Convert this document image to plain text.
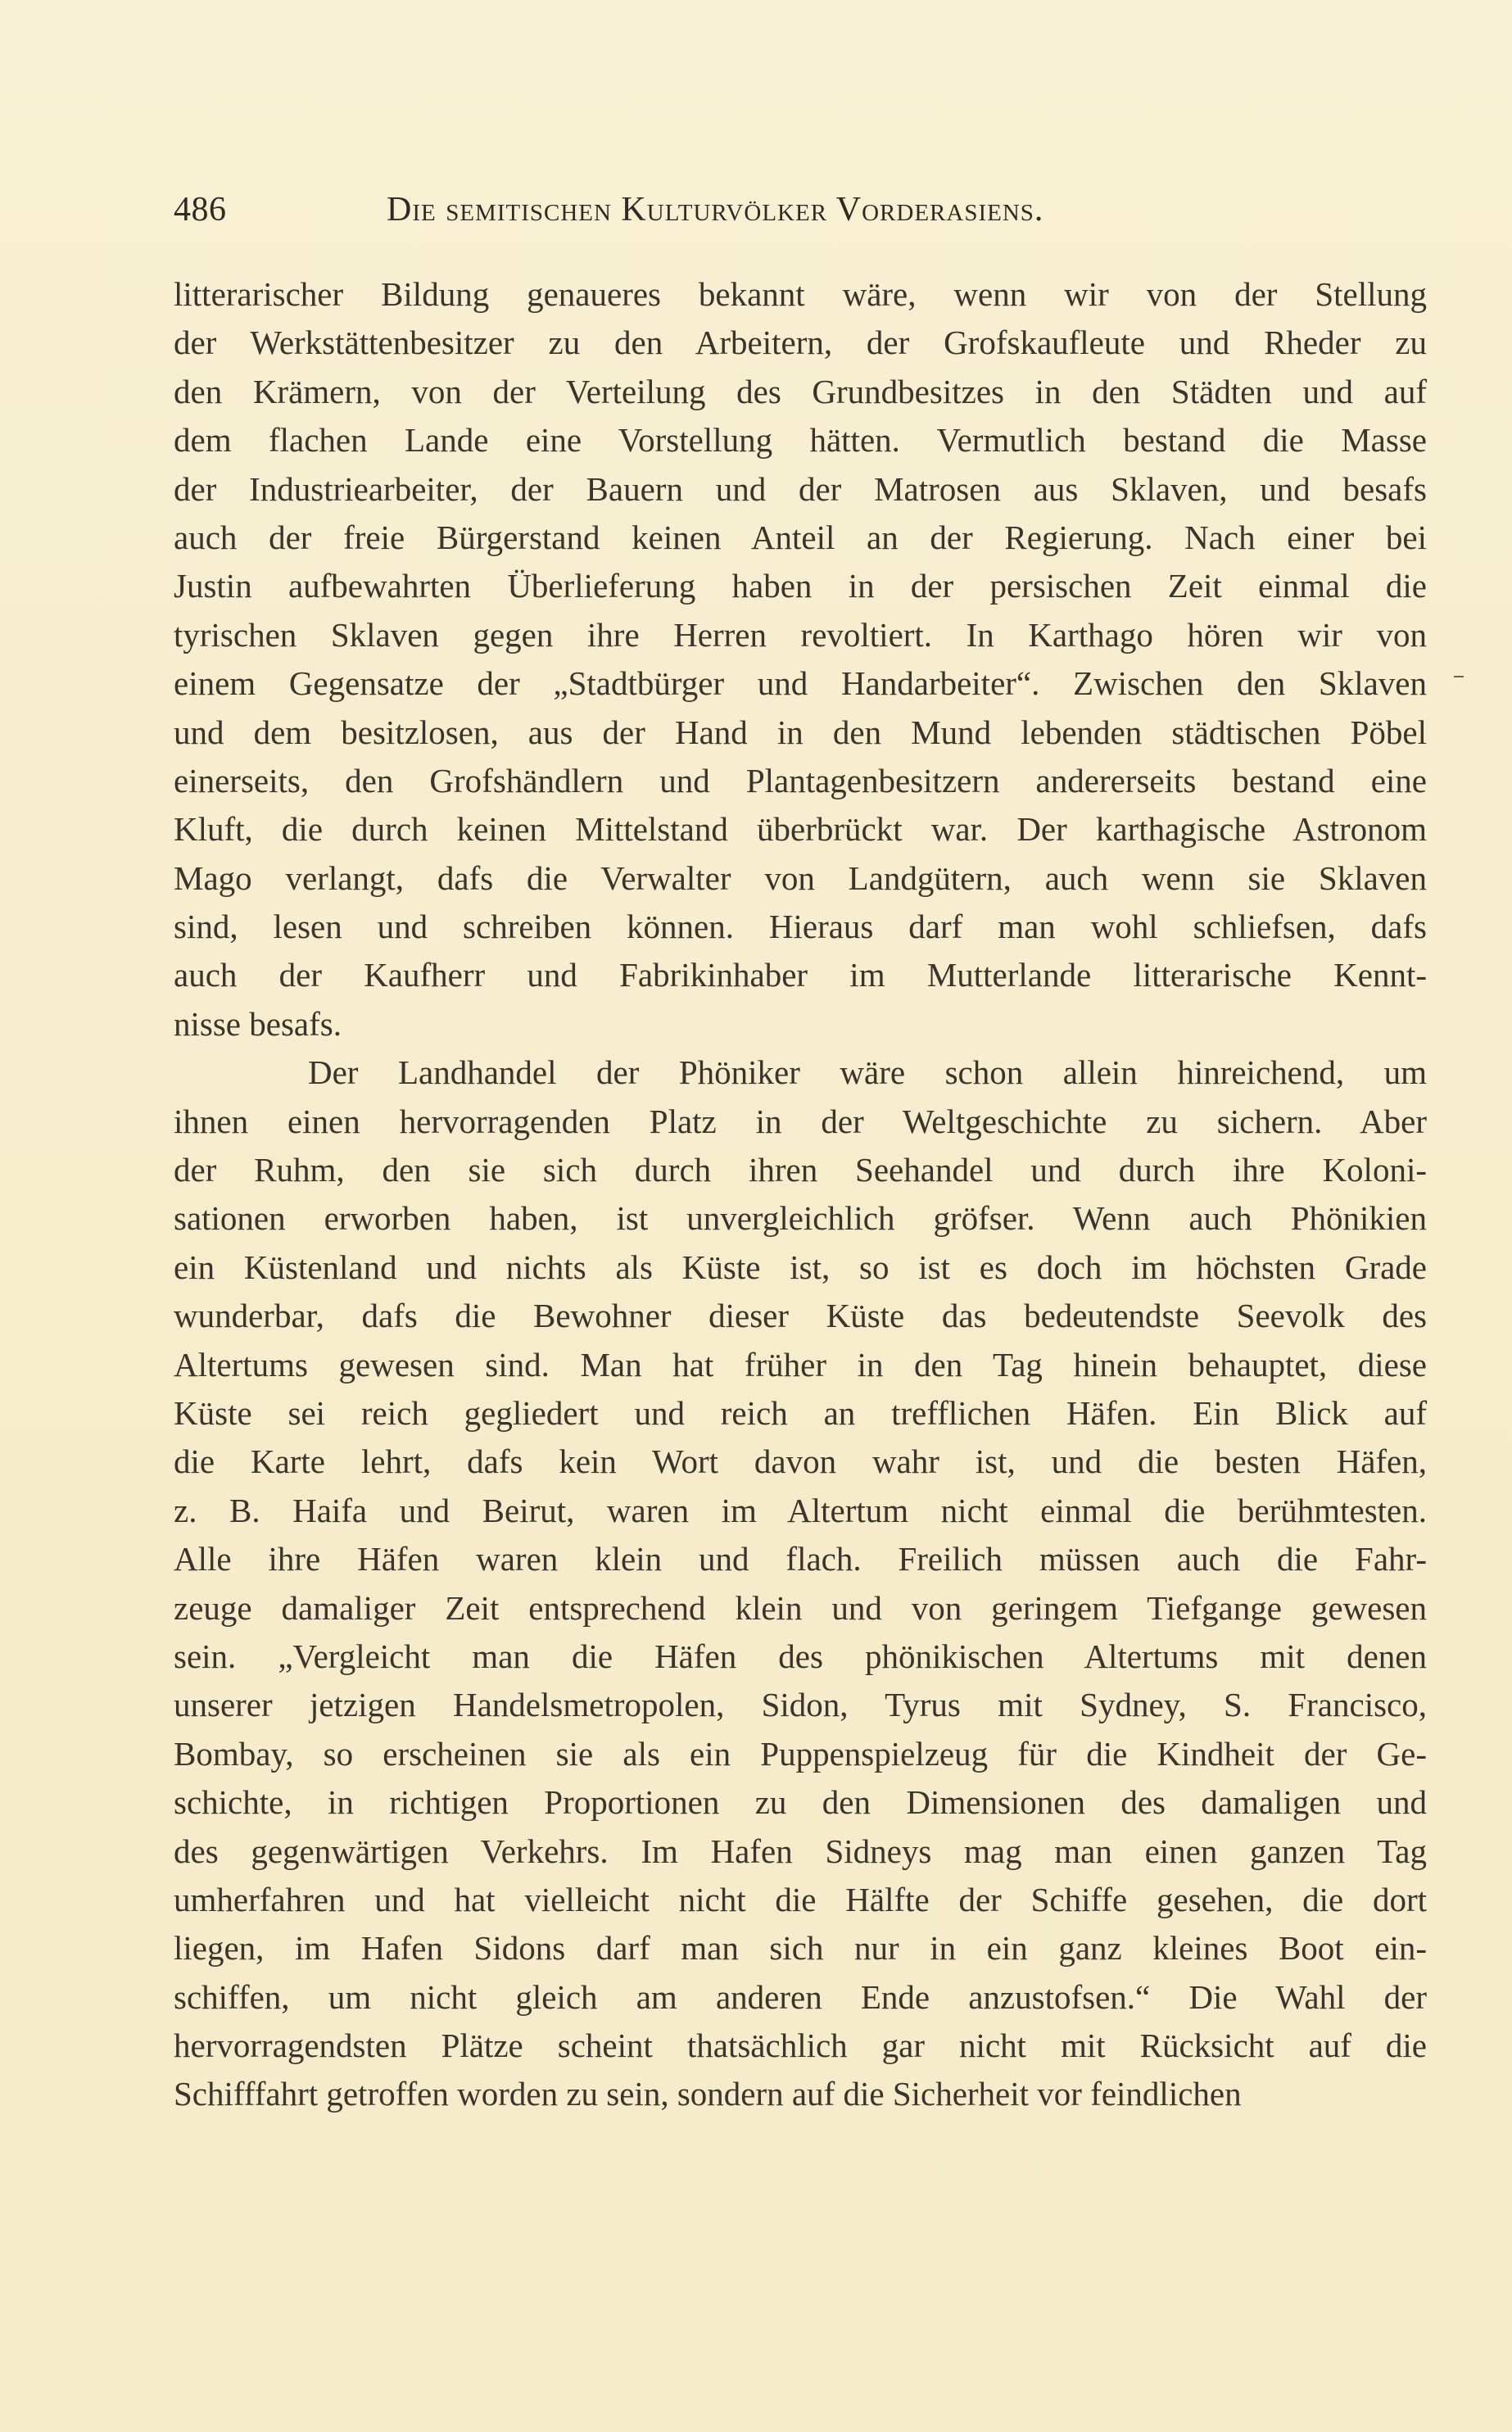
486	Die semitischen Kulturvölker Vorderasiens.
litterarischer Bildung genaueres bekannt wäre, wenn wir von der Stellung
der Werkstättenbesitzer zu den Arbeitern, der Grofskaufleute und Rheder zu
den Krämern, von der Verteilung des Grundbesitzes in den Städten und auf
dem flachen Lande eine Vorstellung hätten. Vermutlich bestand die Masse
der Industriearbeiter, der Bauern und der Matrosen aus Sklaven, und besafs
auch der freie Bürgerstand keinen Anteil an der Regierung. Nach einer bei
Justin aufbewahrten Überlieferung haben in der persischen Zeit einmal die
tyrischen Sklaven gegen ihre Herren revoltiert. In Karthago hören wir von
einem Gegensatze der „Stadtbürger und Handarbeiter“. Zwischen den Sklaven
und dem besitzlosen, aus der Hand in den Mund lebenden städtischen Pöbel
einerseits, den Grofshändlern und Plantagenbesitzern andererseits bestand eine
Kluft, die durch keinen Mittelstand überbrückt war. Der karthagische Astronom
Mago verlangt, dafs die Verwalter von Landgütern, auch wenn sie Sklaven
sind, lesen und schreiben können. Hieraus darf man wohl schliefsen, dafs
auch der Kaufherr und Fabrikinhaber im Mutterlande litterarische Kennt-
nisse besafs.
Der Landhandel der Phöniker wäre schon allein hinreichend, um
ihnen einen hervorragenden Platz in der Weltgeschichte zu sichern. Aber
der Ruhm, den sie sich durch ihren Seehandel und durch ihre Koloni-
sationen erworben haben, ist unvergleichlich gröfser. Wenn auch Phönikien
ein Küstenland und nichts als Küste ist, so ist es doch im höchsten Grade
wunderbar, dafs die Bewohner dieser Küste das bedeutendste Seevolk des
Altertums gewesen sind. Man hat früher in den Tag hinein behauptet, diese
Küste sei reich gegliedert und reich an trefflichen Häfen. Ein Blick auf
die Karte lehrt, dafs kein Wort davon wahr ist, und die besten Häfen,
z. B. Haifa und Beirut, waren im Altertum nicht einmal die berühmtesten.
Alle ihre Häfen waren klein und flach. Freilich müssen auch die Fahr-
zeuge damaliger Zeit entsprechend klein und von geringem Tiefgange gewesen
sein. „Vergleicht man die Häfen des phönikischen Altertums mit denen
unserer jetzigen Handelsmetropolen, Sidon, Tyrus mit Sydney, S. Francisco,
Bombay, so erscheinen sie als ein Puppenspielzeug für die Kindheit der Ge-
schichte, in richtigen Proportionen zu den Dimensionen des damaligen und
des gegenwärtigen Verkehrs. Im Hafen Sidneys mag man einen ganzen Tag
umherfahren und hat vielleicht nicht die Hälfte der Schiffe gesehen, die dort
liegen, im Hafen Sidons darf man sich nur in ein ganz kleines Boot ein-
schiffen, um nicht gleich am anderen Ende anzustofsen.“ Die Wahl der
hervorragendsten Plätze scheint thatsächlich gar nicht mit Rücksicht auf die
Schifffahrt getroffen worden zu sein, sondern auf die Sicherheit vor feindlichen
